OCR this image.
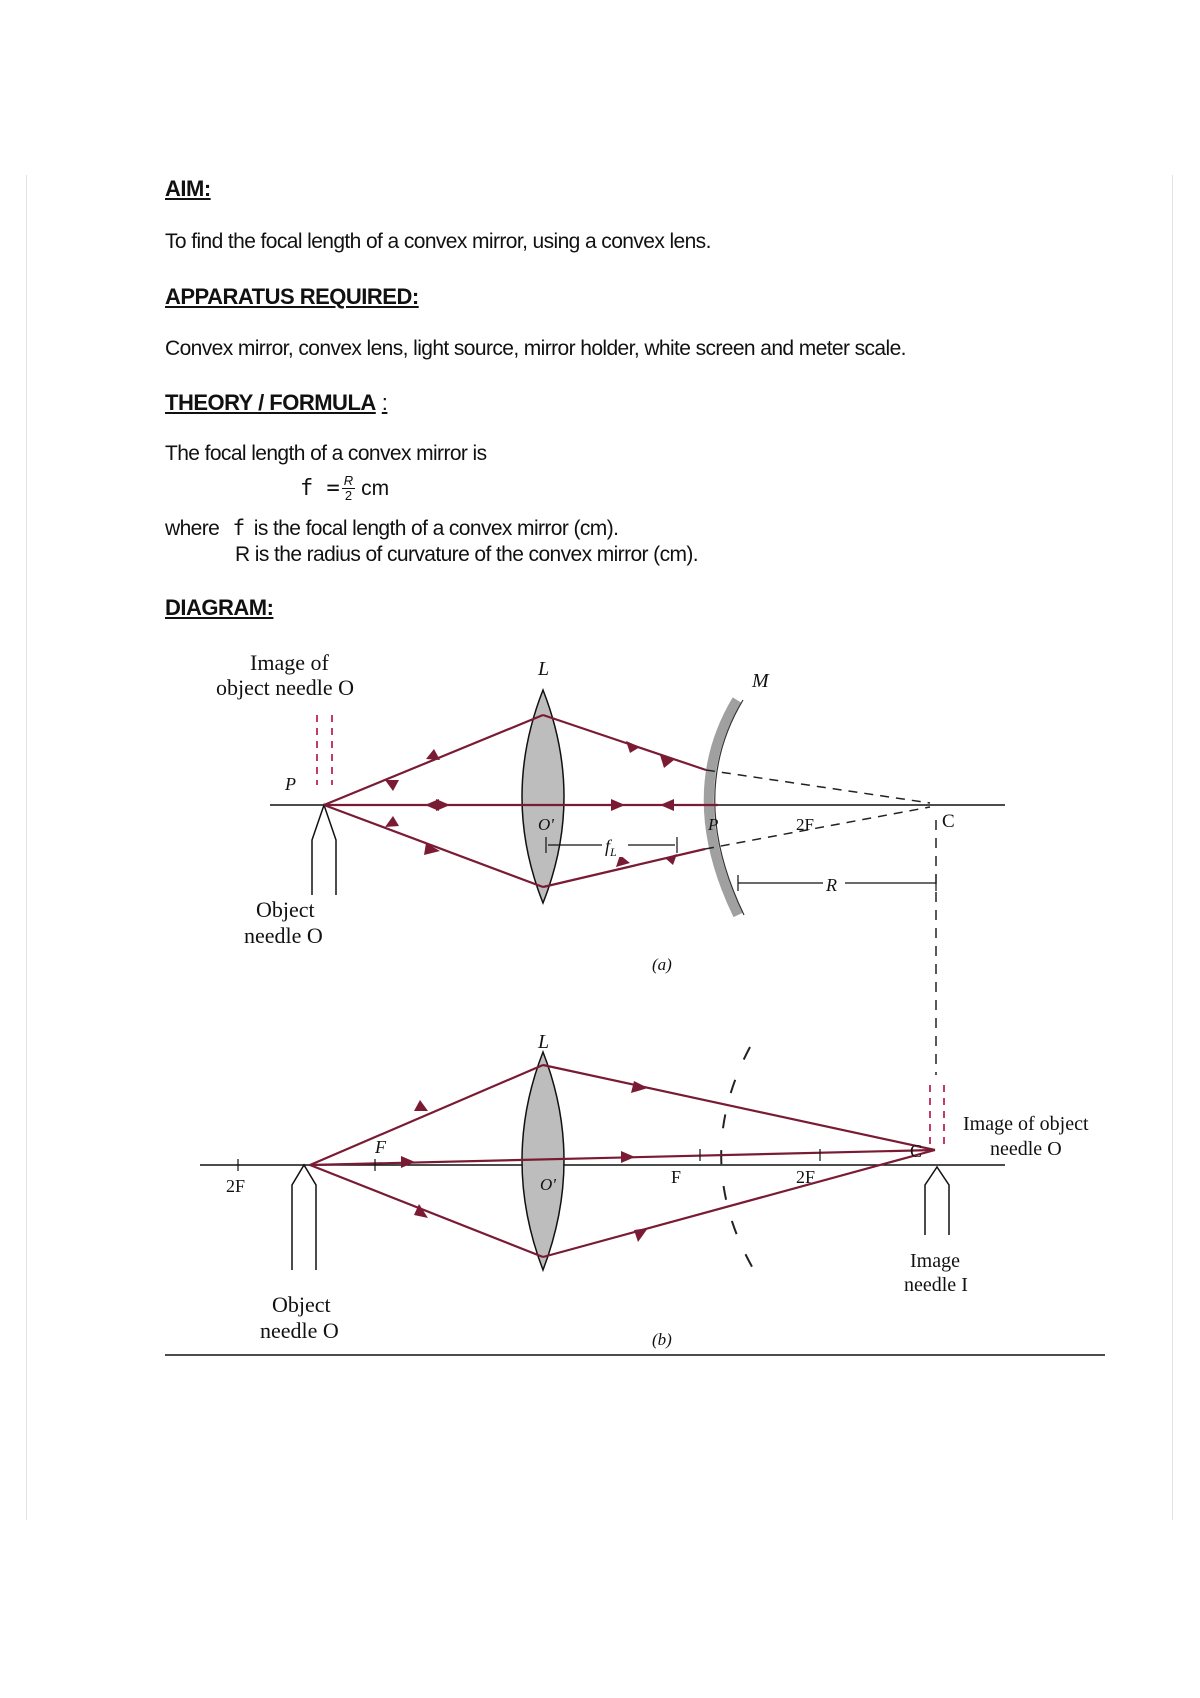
AIM:
To find the focal length of a convex mirror, using a convex lens.
APPARATUS REQUIRED:
Convex mirror, convex lens, light source, mirror holder, white screen and meter scale.
THEORY / FORMULA :
The focal length of a convex mirror is
$f = \frac{R}{2}$ cm
where f is the focal length of a convex mirror (cm).
R is the radius of curvature of the convex mirror (cm).
DIAGRAM:
Image of
object needle O
Object
needle O
L
M
P
O'	P	2F	C
$f_L$
R
(a)
L
2F
F
O'	F	2F
C
Object
needle O
Image of object
needle O
Image
needle I
(b)
